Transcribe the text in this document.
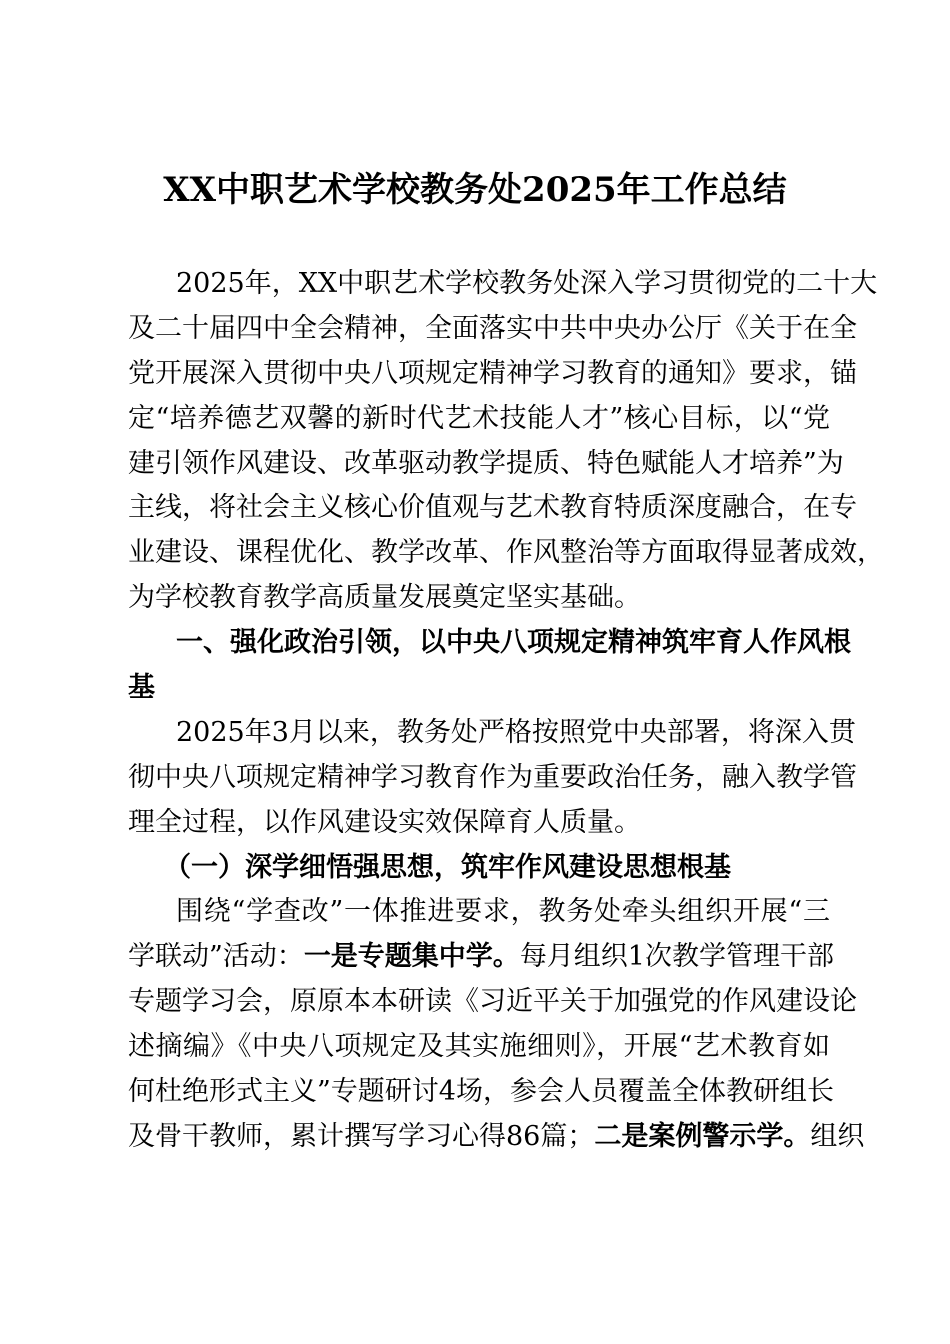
XX中职艺术学校教务处2025年工作总结
2025年，XX中职艺术学校教务处深入学习贯彻党的二十大
及二十届四中全会精神，全面落实中共中央办公厅《关于在全
党开展深入贯彻中央八项规定精神学习教育的通知》要求，锚
定“培养德艺双馨的新时代艺术技能人才”核心目标，以“党
建引领作风建设、改革驱动教学提质、特色赋能人才培养”为
主线，将社会主义核心价值观与艺术教育特质深度融合，在专
业建设、课程优化、教学改革、作风整治等方面取得显著成效，
为学校教育教学高质量发展奠定坚实基础。
一、强化政治引领，以中央八项规定精神筑牢育人作风根
基
2025年3月以来，教务处严格按照党中央部署，将深入贯
彻中央八项规定精神学习教育作为重要政治任务，融入教学管
理全过程，以作风建设实效保障育人质量。
（一）深学细悟强思想，筑牢作风建设思想根基
围绕“学查改”一体推进要求，教务处牵头组织开展“三
学联动”活动：一是专题集中学。每月组织1次教学管理干部
专题学习会，原原本本研读《习近平关于加强党的作风建设论
述摘编》《中央八项规定及其实施细则》，开展“艺术教育如
何杜绝形式主义”专题研讨4场，参会人员覆盖全体教研组长
及骨干教师，累计撰写学习心得86篇；二是案例警示学。组织
